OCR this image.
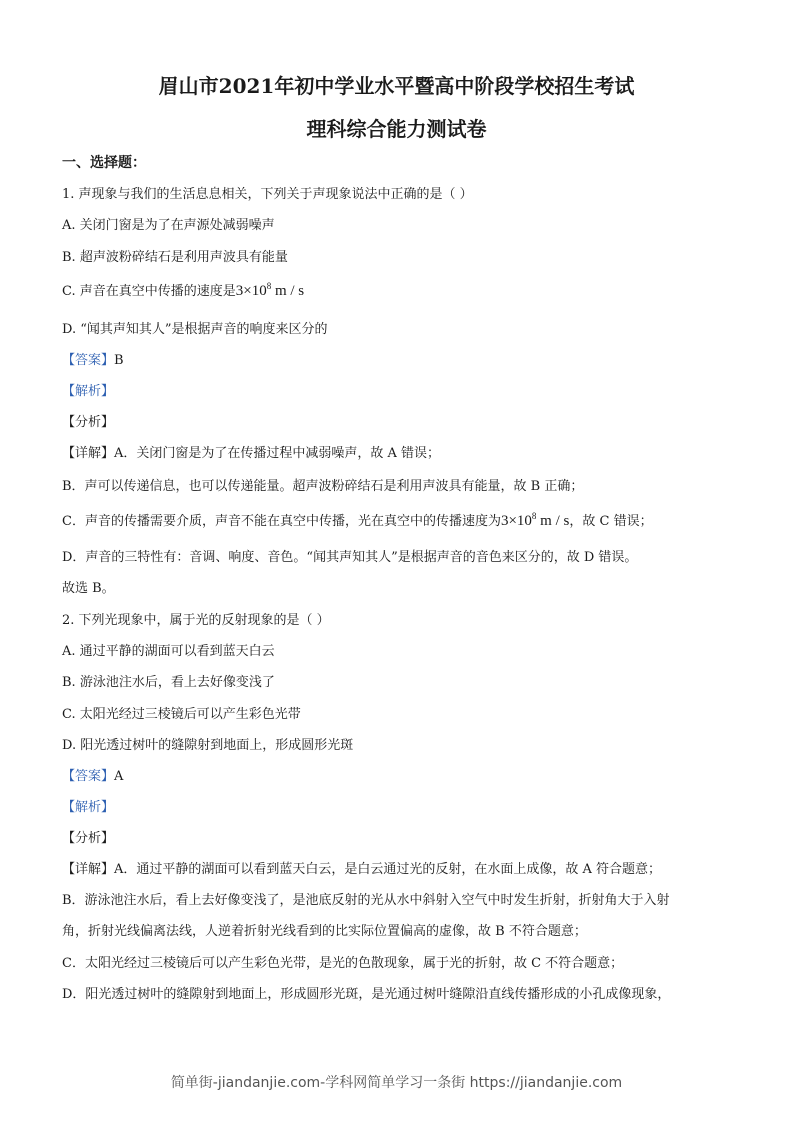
眉山市2021年初中学业水平暨高中阶段学校招生考试
理科综合能力测试卷
一、选择题：
1. 声现象与我们的生活息息相关，下列关于声现象说法中正确的是（ ）
A. 关闭门窗是为了在声源处减弱噪声
B. 超声波粉碎结石是利用声波具有能量
C. 声音在真空中传播的速度是$3\times 10^8$ m / s
D. “闻其声知其人”是根据声音的响度来区分的
【答案】B
【解析】
【分析】
【详解】A．关闭门窗是为了在传播过程中减弱噪声，故 A 错误；
B．声可以传递信息，也可以传递能量。超声波粉碎结石是利用声波具有能量，故 B 正确；
C．声音的传播需要介质，声音不能在真空中传播，光在真空中的传播速度为$3\times 10^8$ m / s，故 C 错误；
D．声音的三特性有：音调、响度、音色。“闻其声知其人”是根据声音的音色来区分的，故 D 错误。
故选 B。
2. 下列光现象中，属于光的反射现象的是（ ）
A. 通过平静的湖面可以看到蓝天白云
B. 游泳池注水后，看上去好像变浅了
C. 太阳光经过三棱镜后可以产生彩色光带
D. 阳光透过树叶的缝隙射到地面上，形成圆形光斑
【答案】A
【解析】
【分析】
【详解】A．通过平静的湖面可以看到蓝天白云，是白云通过光的反射，在水面上成像，故 A 符合题意；
B．游泳池注水后，看上去好像变浅了，是池底反射的光从水中斜射入空气中时发生折射，折射角大于入射
角，折射光线偏离法线，人逆着折射光线看到的比实际位置偏高的虚像，故 B 不符合题意；
C．太阳光经过三棱镜后可以产生彩色光带，是光的色散现象，属于光的折射，故 C 不符合题意；
D．阳光透过树叶的缝隙射到地面上，形成圆形光斑，是光通过树叶缝隙沿直线传播形成的小孔成像现象，
简单街-jiandanjie.com-学科网简单学习一条街 https://jiandanjie.com
